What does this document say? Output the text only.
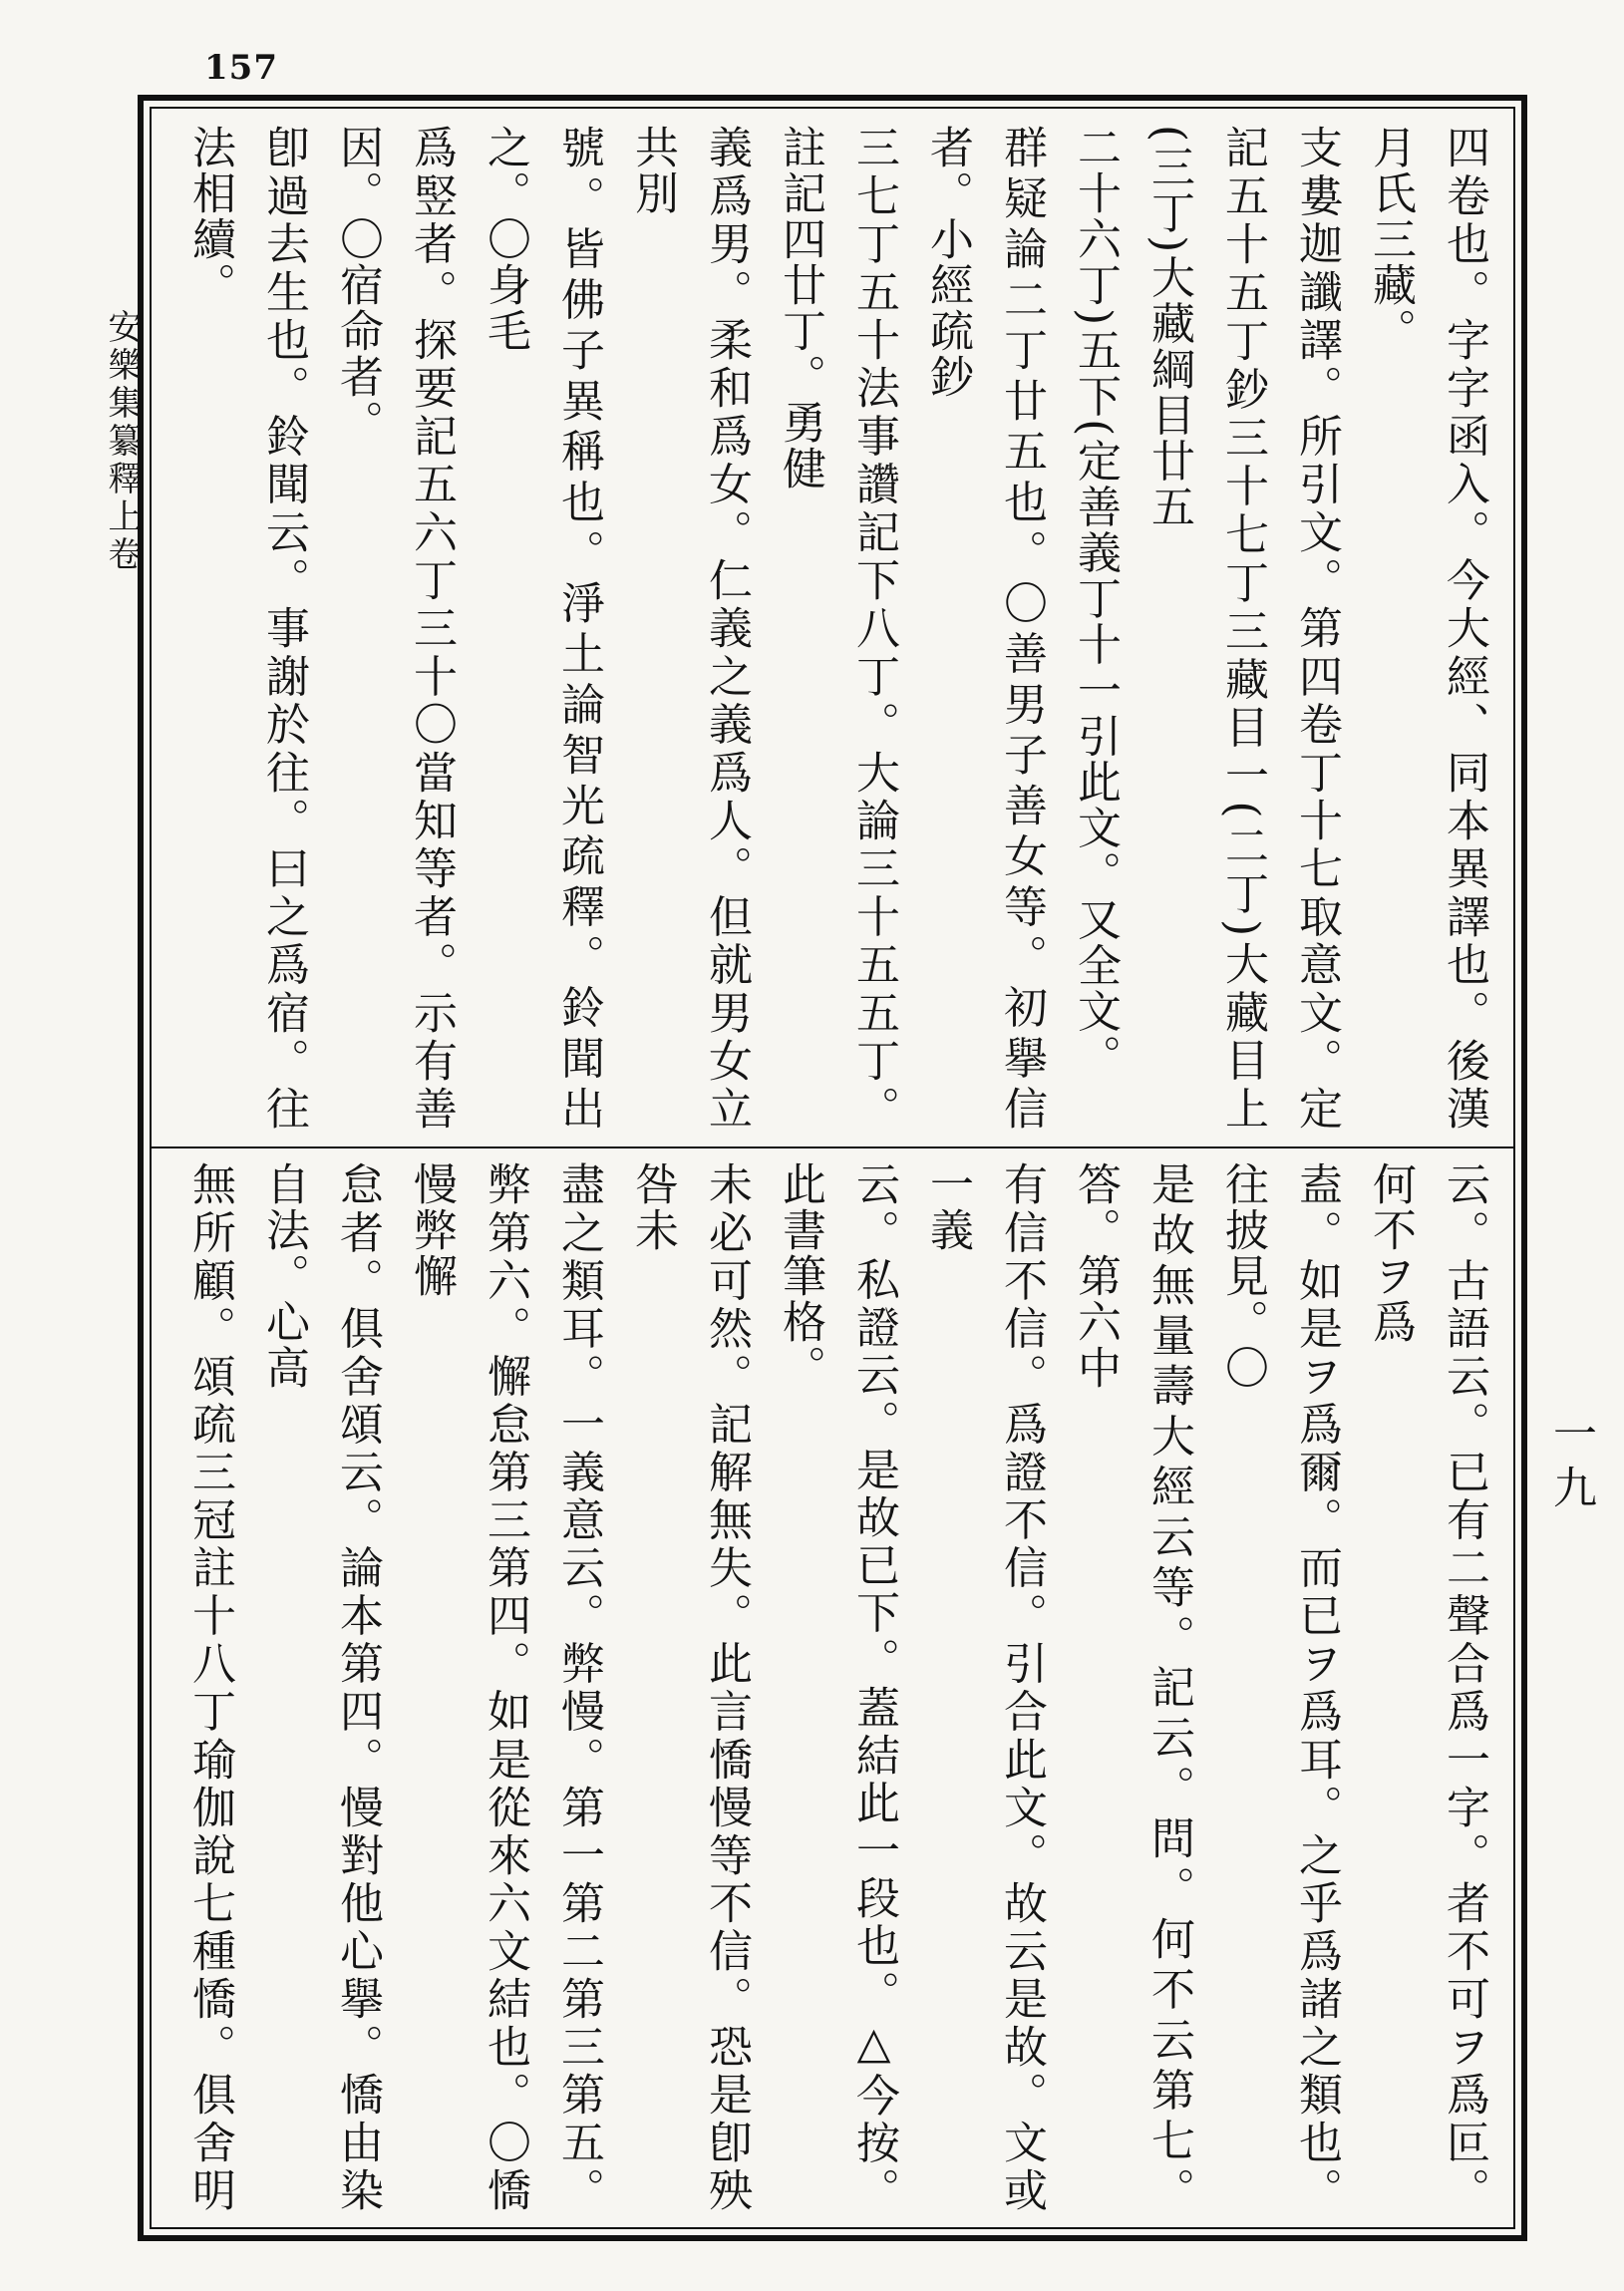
157
安樂集纂釋上卷
一九
四卷也。字字函入。今大經、同本異譯也。後漢月氏三藏。
支婁迦讖譯。所引文。第四卷丁十七取意文。定記五十五丁鈔三十七丁三藏目一(二丁)大藏目上(三丁)大藏綱目廿五
二十六丁)五下(定善義丁十一引此文。又全文。
群疑論二丁廿五也。〇善男子善女等。初擧信者。小經疏鈔
三七丁五十法事讚記下八丁。大論三十五五丁。註記四廿丁。勇健
義爲男。柔和爲女。仁義之義爲人。但就男女立共別
號。皆佛子異稱也。淨土論智光疏釋。鈴聞出之。〇身毛
爲竪者。探要記五六丁三十〇當知等者。示有善因。〇宿命者。
卽過去生也。鈴聞云。事謝於往。曰之爲宿。往法相續。
云。古語云。已有二聲合爲一字。者不可ヲ爲叵。何不ヲ爲
盍。如是ヲ爲爾。而已ヲ爲耳。之乎爲諸之類也。往披見。〇
是故無量壽大經云等。記云。問。何不云第七。答。第六中
有信不信。爲證不信。引合此文。故云是故。文或一義
云。私證云。是故已下。蓋結此一段也。△今按。此書筆格。
未必可然。記解無失。此言憍慢等不信。恐是卽殃咎未
盡之類耳。一義意云。弊慢。第一第二第三第五。弊第六。懈怠第三第四。如是從來六文結也。〇憍慢弊懈
怠者。俱舍頌云。論本第四。慢對他心擧。憍由染自法。心高
無所顧。頌疏三冠註十八丁瑜伽說七種憍。俱舍明
